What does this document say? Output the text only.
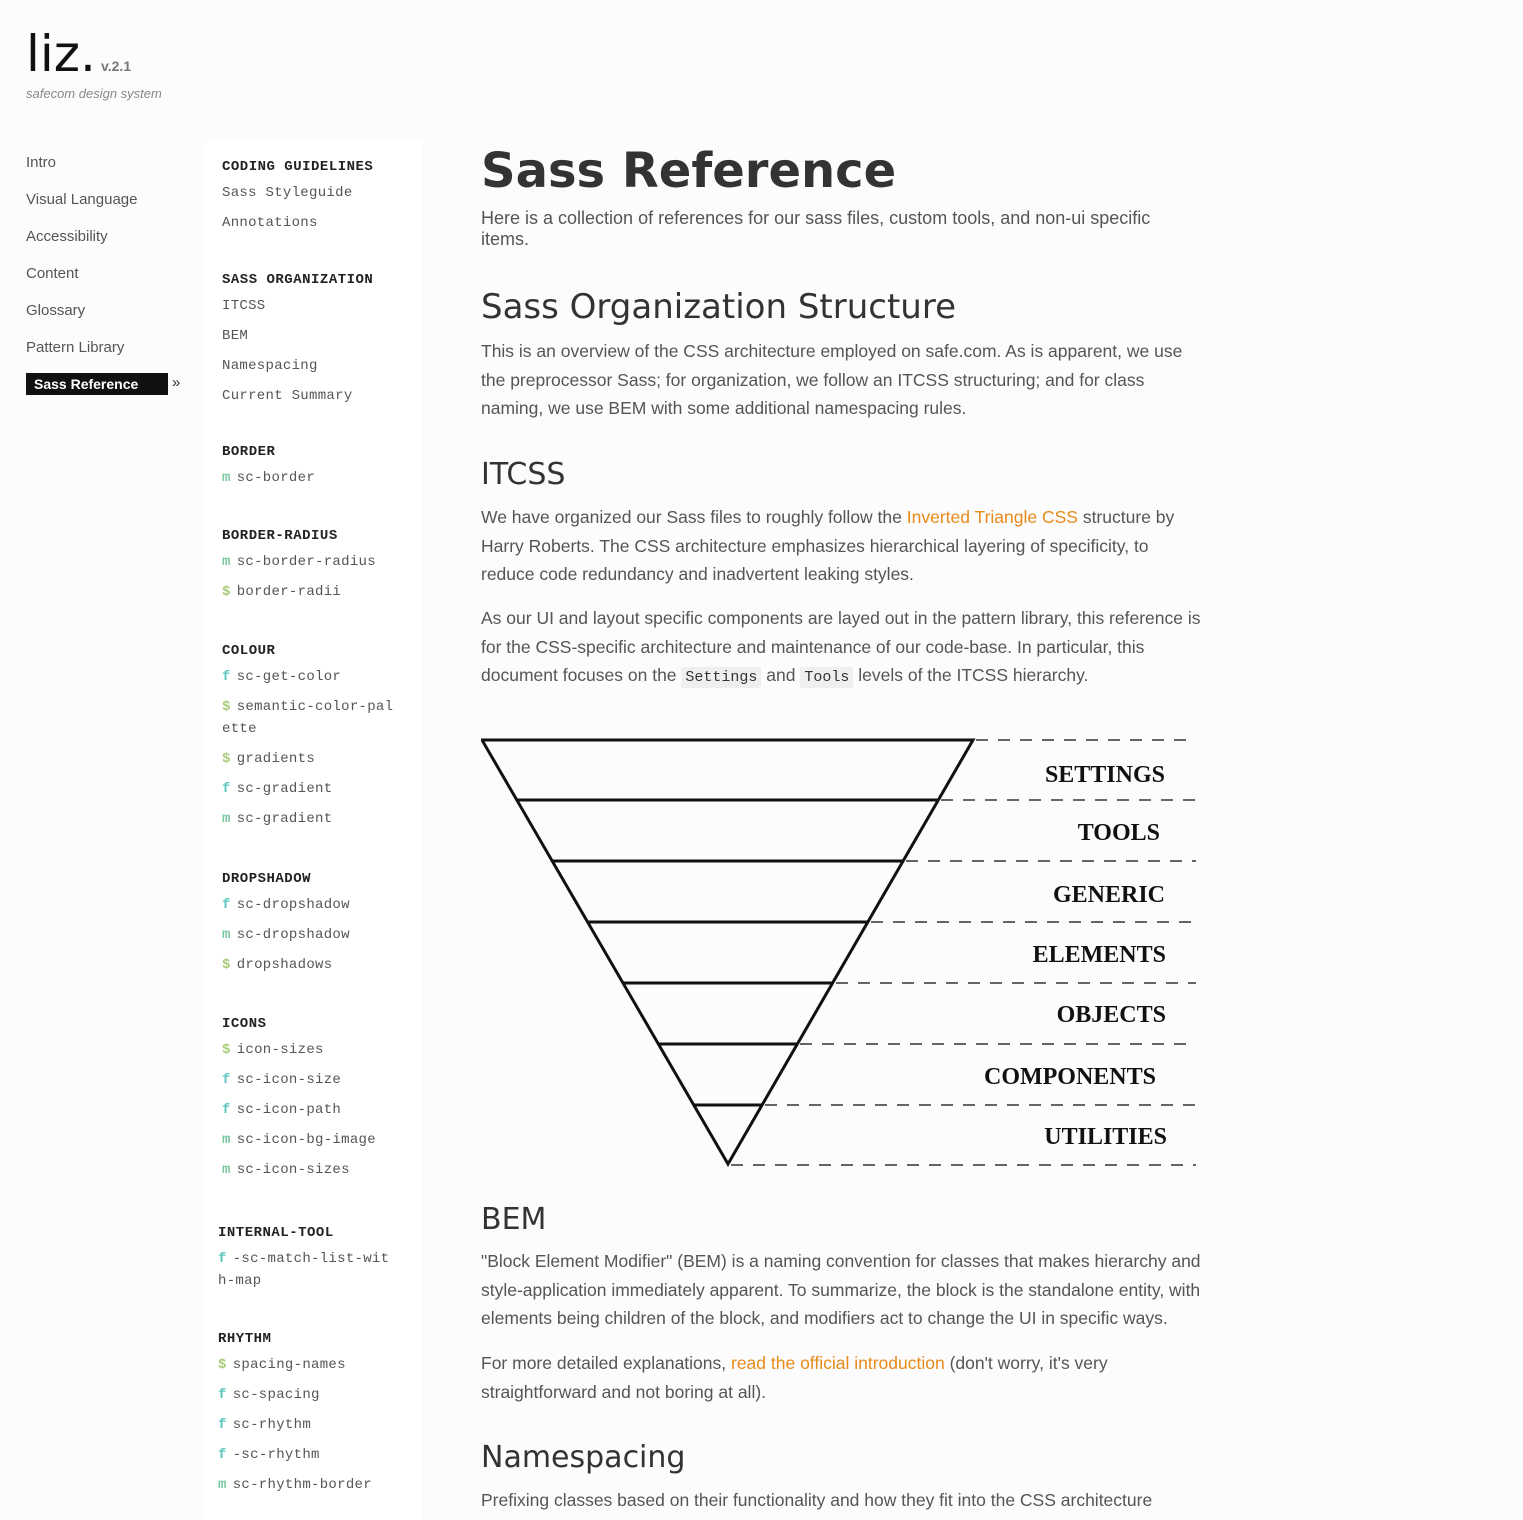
liz. v.2.1
safecom design system
Intro
Visual Language
Accessibility
Content
Glossary
Pattern Library
Sass Reference »
CODING GUIDELINES
Sass Styleguide
Annotations
SASS ORGANIZATION
ITCSS
BEM
Namespacing
Current Summary
BORDER
m sc-border
BORDER-RADIUS
m sc-border-radius
$ border-radii
COLOUR
f sc-get-color
$ semantic-color-palette
$ gradients
f sc-gradient
m sc-gradient
DROPSHADOW
f sc-dropshadow
m sc-dropshadow
$ dropshadows
ICONS
$ icon-sizes
f sc-icon-size
f sc-icon-path
m sc-icon-bg-image
m sc-icon-sizes
INTERNAL-TOOL
f -sc-match-list-with-map
RHYTHM
$ spacing-names
f sc-spacing
f sc-rhythm
f -sc-rhythm
m sc-rhythm-border
Sass Reference

Here is a collection of references for our sass files, custom tools, and non-ui specific items.

Sass Organization Structure

This is an overview of the CSS architecture employed on safe.com. As is apparent, we use the preprocessor Sass; for organization, we follow an ITCSS structuring; and for class naming, we use BEM with some additional namespacing rules.

ITCSS

We have organized our Sass files to roughly follow the Inverted Triangle CSS structure by Harry Roberts. The CSS architecture emphasizes hierarchical layering of specificity, to reduce code redundancy and inadvertent leaking styles.

As our UI and layout specific components are layed out in the pattern library, this reference is for the CSS-specific architecture and maintenance of our code-base. In particular, this document focuses on the Settings and Tools levels of the ITCSS hierarchy.

SETTINGS
TOOLS
GENERIC
ELEMENTS
OBJECTS
COMPONENTS
UTILITIES
BEM

"Block Element Modifier" (BEM) is a naming convention for classes that makes hierarchy and style-application immediately apparent. To summarize, the block is the standalone entity, with elements being children of the block, and modifiers act to change the UI in specific ways.

For more detailed explanations, read the official introduction (don't worry, it's very straightforward and not boring at all).

Namespacing

Prefixing classes based on their functionality and how they fit into the CSS architecture
